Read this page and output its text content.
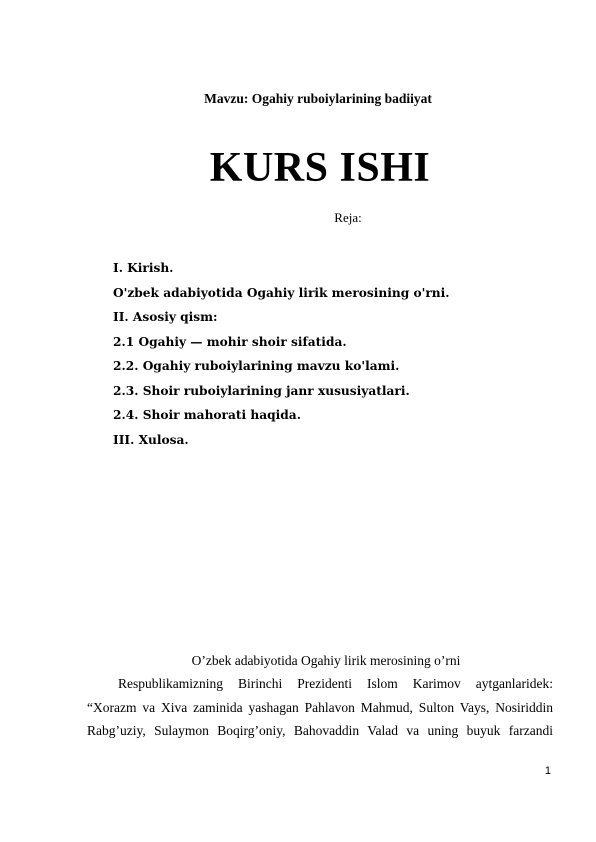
Mavzu: Ogahiy ruboiylarining badiiyat
KURS ISHI
Reja:
I. Kirish.
O'zbek adabiyotida Ogahiy lirik merosining o'rni.
II. Asosiy qism:
2.1 Ogahiy — mohir shoir sifatida.
2.2. Ogahiy ruboiylarining mavzu ko'lami.
2.3. Shoir ruboiylarining janr xususiyatlari.
2.4. Shoir mahorati haqida.
III. Xulosa.
O’zbek adabiyotida Ogahiy lirik merosining o’rni
Respublikamizning Birinchi Prezidenti Islom Karimov aytganlaridek:
“Xorazm va Xiva zaminida yashagan Pahlavon Mahmud, Sulton Vays, Nosiriddin
Rabg’uziy, Sulaymon Boqirg’oniy, Bahovaddin Valad va uning buyuk farzandi
1
